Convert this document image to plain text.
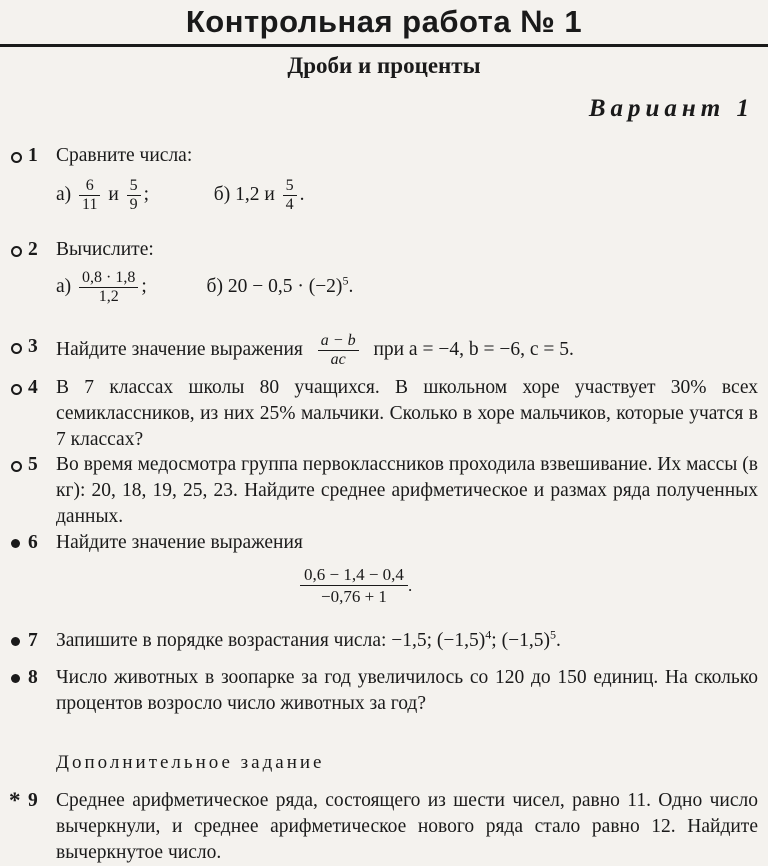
Контрольная работа № 1
Дроби и проценты
Вариант 1
1 Сравните числа:
$а) \frac{6}{11}$ и $\frac{5}{9}$ ;	б) 1,2 и $\frac{5}{4}$ .
2 Вычислите:
$а) \frac{0,8 \cdot 1,8}{1,2}$ ;	б) $20 - 0,5 \cdot (-2)^5$.
3 Найдите значение выражения $\frac{a - b}{ac}$ при a = −4, b = −6, c = 5.
4 В 7 классах школы 80 учащихся. В школьном хоре участвует 30% всех семиклассников, из них 25% мальчики. Сколько в хоре мальчиков, которые учатся в 7 классах?
5 Во время медосмотра группа первоклассников проходила взвешивание. Их массы (в кг): 20, 18, 19, 25, 23. Найдите среднее арифметическое и размах ряда полученных данных.
6 Найдите значение выражения
$\frac{0,6 - 1,4 - 0,4}{-0,76 + 1}$ .
7 Запишите в порядке возрастания числа: −1,5; $(-1,5)^4$; $(-1,5)^5$.
8 Число животных в зоопарке за год увеличилось со 120 до 150 единиц. На сколько процентов возросло число животных за год?
Дополнительное задание
* 9 Среднее арифметическое ряда, состоящего из шести чисел, равно 11. Одно число вычеркнули, и среднее арифметическое нового ряда стало равно 12. Найдите вычеркнутое число.
